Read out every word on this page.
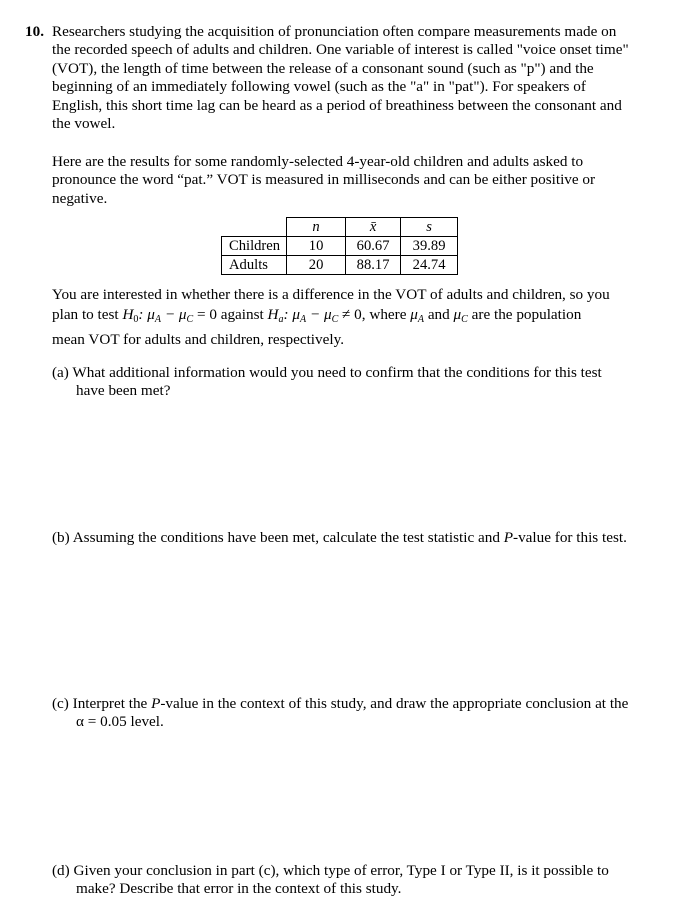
10. Researchers studying the acquisition of pronunciation often compare measurements made on
the recorded speech of adults and children. One variable of interest is called "voice onset time"
(VOT), the length of time between the release of a consonant sound (such as "p") and the
beginning of an immediately following vowel (such as the "a" in "pat"). For speakers of
English, this short time lag can be heard as a period of breathiness between the consonant and
the vowel.
Here are the results for some randomly-selected 4-year-old children and adults asked to
pronounce the word “pat.” VOT is measured in milliseconds and can be either positive or
negative.
	n	x̄	s
Children	10	60.67	39.89
Adults	20	88.17	24.74
You are interested in whether there is a difference in the VOT of adults and children, so you
plan to test $H_0$: $\mu_A - \mu_C = 0$ against $H_a$: $\mu_A - \mu_C \ne 0$, where $\mu_A$ and $\mu_C$ are the population
mean VOT for adults and children, respectively.
(a) What additional information would you need to confirm that the conditions for this test
have been met?
(b) Assuming the conditions have been met, calculate the test statistic and P-value for this test.
(c) Interpret the P-value in the context of this study, and draw the appropriate conclusion at the
α = 0.05 level.
(d) Given your conclusion in part (c), which type of error, Type I or Type II, is it possible to
make? Describe that error in the context of this study.
